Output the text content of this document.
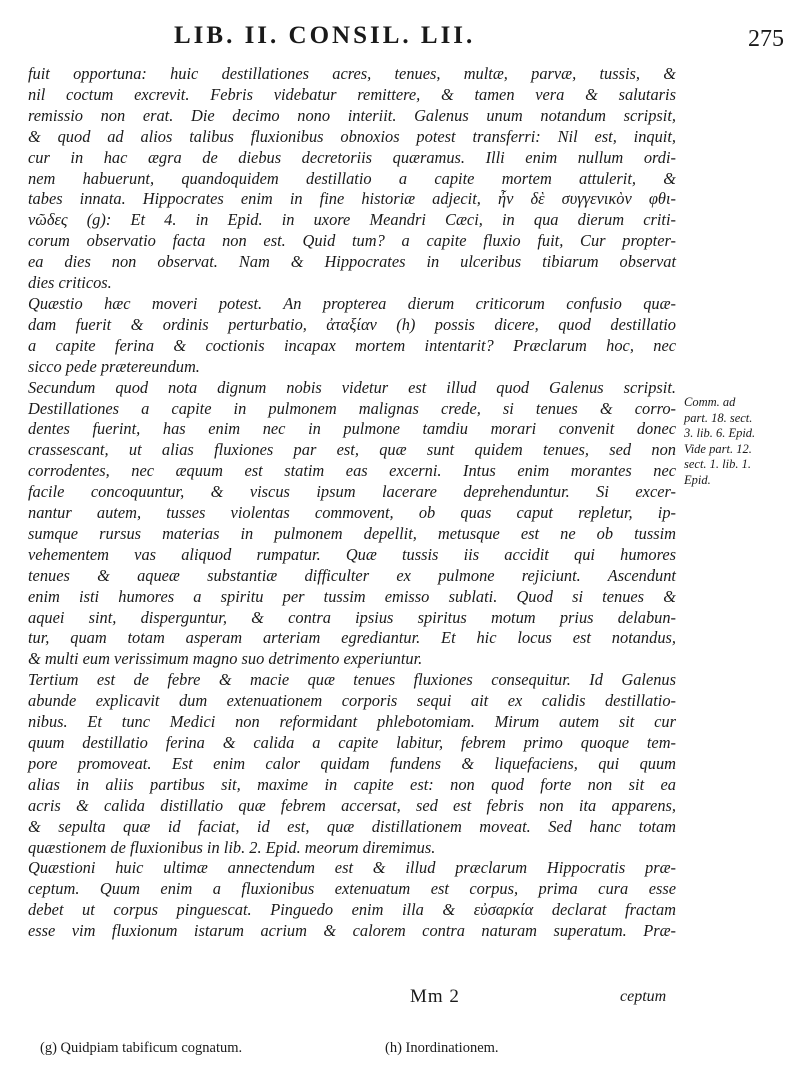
LIB. II. CONSIL. LII.	275

fuit opportuna: huic destillationes acres, tenues, multæ, parvæ, tussis, &
nil coctum excrevit. Febris videbatur remittere, & tamen vera & salutaris
remissio non erat. Die decimo nono interiit. Galenus unum notandum scripsit,
& quod ad alios talibus fluxionibus obnoxios potest transferri: Nil est, inquit,
cur in hac ægra de diebus decretoriis quæramus. Illi enim nullum ordi-
nem habuerunt, quandoquidem destillatio a capite mortem attulerit, &
tabes innata. Hippocrates enim in fine historiæ adjecit, ἦν δὲ συγγενικὸν φθι-
νῶδες (g): Et 4. in Epid. in uxore Meandri Cæci, in qua dierum criti-
corum observatio facta non est. Quid tum? a capite fluxio fuit, Cur propter-
ea dies non observat. Nam & Hippocrates in ulceribus tibiarum observat
dies criticos.

Quæstio hæc moveri potest. An propterea dierum criticorum confusio quæ-
dam fuerit & ordinis perturbatio, ἀταξίαν (h) possis dicere, quod destillatio
a capite ferina & coctionis incapax mortem intentarit? Præclarum hoc, nec
sicco pede prætereundum.

Secundum quod nota dignum nobis videtur est illud quod Galenus scripsit.
Destillationes a capite in pulmonem malignas crede, si tenues & corro-
dentes fuerint, has enim nec in pulmone tamdiu morari convenit donec
crassescant, ut alias fluxiones par est, quæ sunt quidem tenues, sed non
corrodentes, nec æquum est statim eas excerni. Intus enim morantes nec
facile concoquuntur, & viscus ipsum lacerare deprehenduntur. Si excer-
nantur autem, tusses violentas commovent, ob quas caput repletur, ip-
sumque rursus materias in pulmonem depellit, metusque est ne ob tussim
vehementem vas aliquod rumpatur. Quæ tussis iis accidit qui humores
tenues & aqueæ substantiæ difficulter ex pulmone rejiciunt. Ascendunt
enim isti humores a spiritu per tussim emisso sublati. Quod si tenues &
aquei sint, disperguntur, & contra ipsius spiritus motum prius delabun-
tur, quam totam asperam arteriam egrediantur. Et hic locus est notandus,
& multi eum verissimum magno suo detrimento experiuntur.

Tertium est de febre & macie quæ tenues fluxiones consequitur. Id Galenus
abunde explicavit dum extenuationem corporis sequi ait ex calidis destillatio-
nibus. Et tunc Medici non reformidant phlebotomiam. Mirum autem sit cur
quum destillatio ferina & calida a capite labitur, febrem primo quoque tem-
pore promoveat. Est enim calor quidam fundens & liquefaciens, qui quum
alias in aliis partibus sit, maxime in capite est: non quod forte non sit ea
acris & calida distillatio quæ febrem accersat, sed est febris non ita apparens,
& sepulta quæ id faciat, id est, quæ distillationem moveat. Sed hanc totam
quæstionem de fluxionibus in lib. 2. Epid. meorum diremimus.

Quæstioni huic ultimæ annectendum est & illud præclarum Hippocratis præ-
ceptum. Quum enim a fluxionibus extenuatum est corpus, prima cura esse
debet ut corpus pinguescat. Pinguedo enim illa & εὐσαρκία declarat fractam
esse vim fluxionum istarum acrium & calorem contra naturam superatum. Præ-

Comm. ad
part. 18. sect.
3. lib. 6. Epid.
Vide part. 12.
sect. 1. lib. 1.
Epid.
Mm 2	ceptum
(g) Quidpiam tabificum cognatum.	(h) Inordinationem.
